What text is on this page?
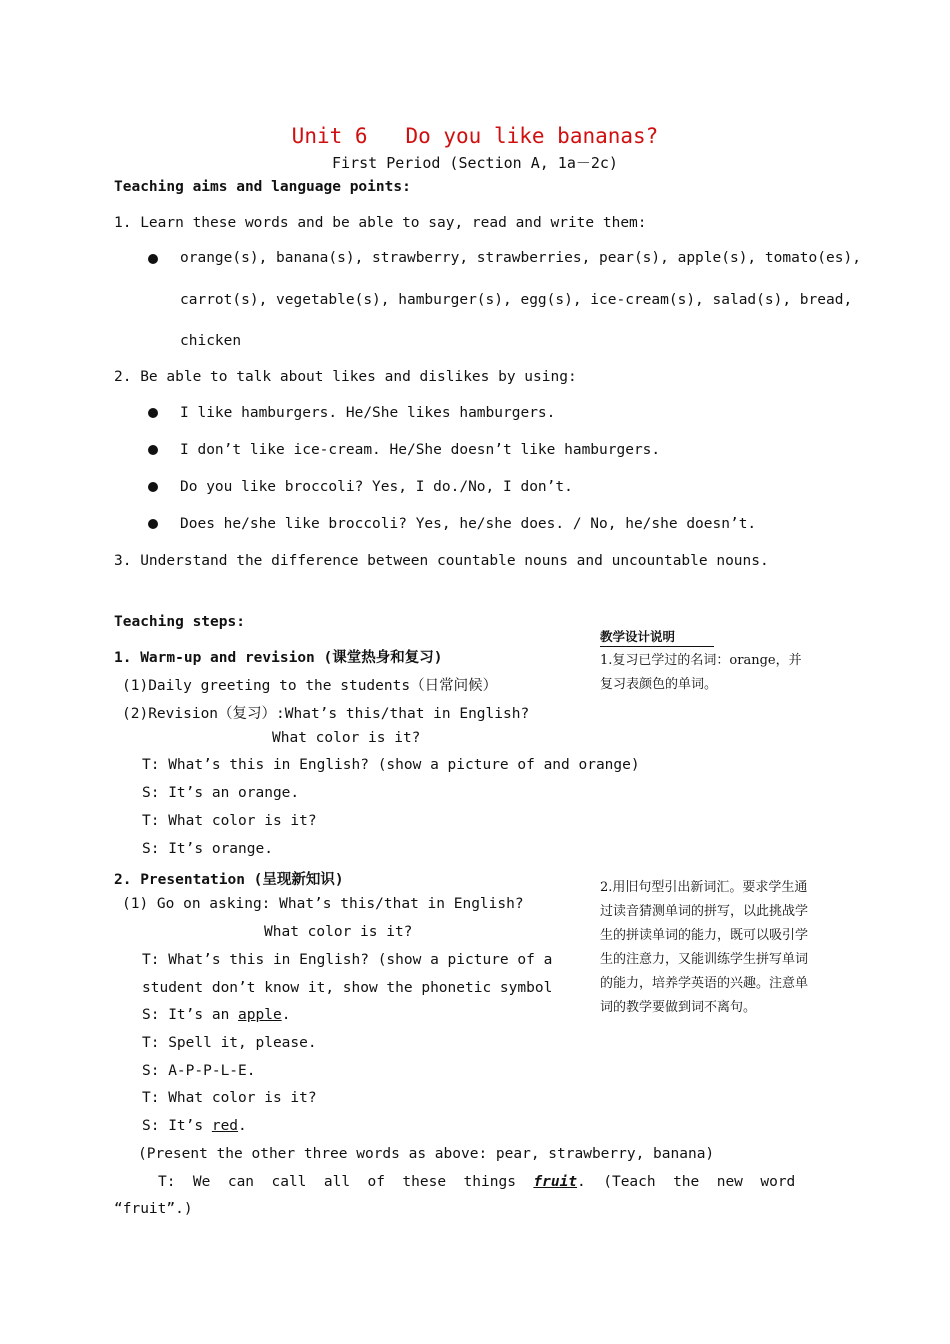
Unit 6   Do you like bananas?
First Period (Section A, 1a－2c)
Teaching aims and language points:
1. Learn these words and be able to say, read and write them:
orange(s), banana(s), strawberry, strawberries, pear(s), apple(s), tomato(es),
carrot(s), vegetable(s), hamburger(s), egg(s), ice-cream(s), salad(s), bread,
chicken
2. Be able to talk about likes and dislikes by using:
I like hamburgers. He/She likes hamburgers.
I don’t like ice-cream. He/She doesn’t like hamburgers.
Do you like broccoli? Yes, I do./No, I don’t.
Does he/she like broccoli? Yes, he/she does. / No, he/she doesn’t.
3. Understand the difference between countable nouns and uncountable nouns.
Teaching steps:
教学设计说明
1.复习已学过的名词：orange，并复习表颜色的单词。
1. Warm-up and revision (课堂热身和复习)
(1)Daily greeting to the students（日常问候）
(2)Revision（复习）:What’s this/that in English?
What color is it?
T: What’s this in English? (show a picture of and orange)
S: It’s an orange.
T: What color is it?
S: It’s orange.
2. Presentation (呈现新知识)	2.用旧句型引出新词汇。要求学生通过读音猜测单词的拼写，以此挑战学生的拼读单词的能力，既可以吸引学生的注意力，又能训练学生拼写单词的能力，培养学英语的兴趣。注意单词的教学要做到词不离句。
(1) Go on asking: What’s this/that in English?
What color is it?
T: What’s this in English? (show a picture of a
student don’t know it, show the phonetic symbol
S: It’s an apple.
T: Spell it, please.
S: A-P-P-L-E.
T: What color is it?
S: It’s red.
(Present the other three words as above: pear, strawberry, banana)
T:  We  can  call  all  of  these  things  fruit.  (Teach  the  new  word
“fruit”.)
